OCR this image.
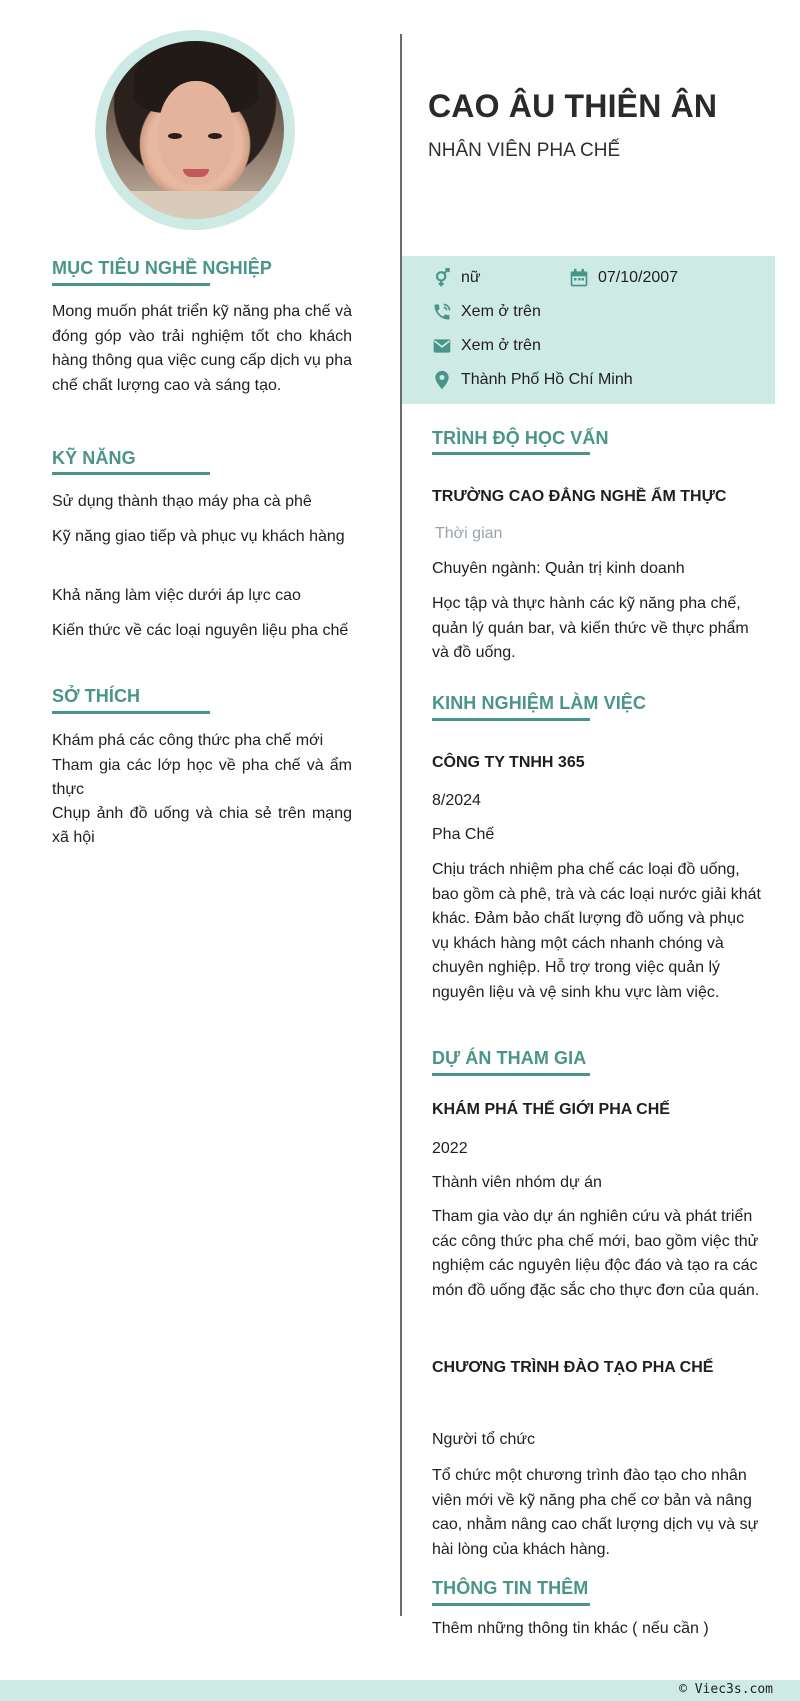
MỤC TIÊU NGHỀ NGHIỆP
Mong muốn phát triển kỹ năng pha chế và đóng góp vào trải nghiệm tốt cho khách hàng thông qua việc cung cấp dịch vụ pha chế chất lượng cao và sáng tạo.
KỸ NĂNG
Sử dụng thành thạo máy pha cà phê
Kỹ năng giao tiếp và phục vụ khách hàng
Khả năng làm việc dưới áp lực cao
Kiến thức về các loại nguyên liệu pha chế
SỞ THÍCH
Khám phá các công thức pha chế mới
Tham gia các lớp học về pha chế và ẩm thực
Chụp ảnh đồ uống và chia sẻ trên mạng xã hội
CAO ÂU THIÊN ÂN
NHÂN VIÊN PHA CHẾ
nữ	07/10/2007
Xem ở trên
Xem ở trên
Thành Phố Hồ Chí Minh
TRÌNH ĐỘ HỌC VẤN
TRƯỜNG CAO ĐẲNG NGHỀ ẨM THỰC
Thời gian
Chuyên ngành: Quản trị kinh doanh
Học tập và thực hành các kỹ năng pha chế, quản lý quán bar, và kiến thức về thực phẩm và đồ uống.
KINH NGHIỆM LÀM VIỆC
CÔNG TY TNHH 365
8/2024
Pha Chế
Chịu trách nhiệm pha chế các loại đồ uống, bao gồm cà phê, trà và các loại nước giải khát khác. Đảm bảo chất lượng đồ uống và phục vụ khách hàng một cách nhanh chóng và chuyên nghiệp. Hỗ trợ trong việc quản lý nguyên liệu và vệ sinh khu vực làm việc.
DỰ ÁN THAM GIA
KHÁM PHÁ THẾ GIỚI PHA CHẾ
2022
Thành viên nhóm dự án
Tham gia vào dự án nghiên cứu và phát triển các công thức pha chế mới, bao gồm việc thử nghiệm các nguyên liệu độc đáo và tạo ra các món đồ uống đặc sắc cho thực đơn của quán.
CHƯƠNG TRÌNH ĐÀO TẠO PHA CHẾ
Người tổ chức
Tổ chức một chương trình đào tạo cho nhân viên mới về kỹ năng pha chế cơ bản và nâng cao, nhằm nâng cao chất lượng dịch vụ và sự hài lòng của khách hàng.
THÔNG TIN THÊM
Thêm những thông tin khác ( nếu cần )
© Viec3s.com
